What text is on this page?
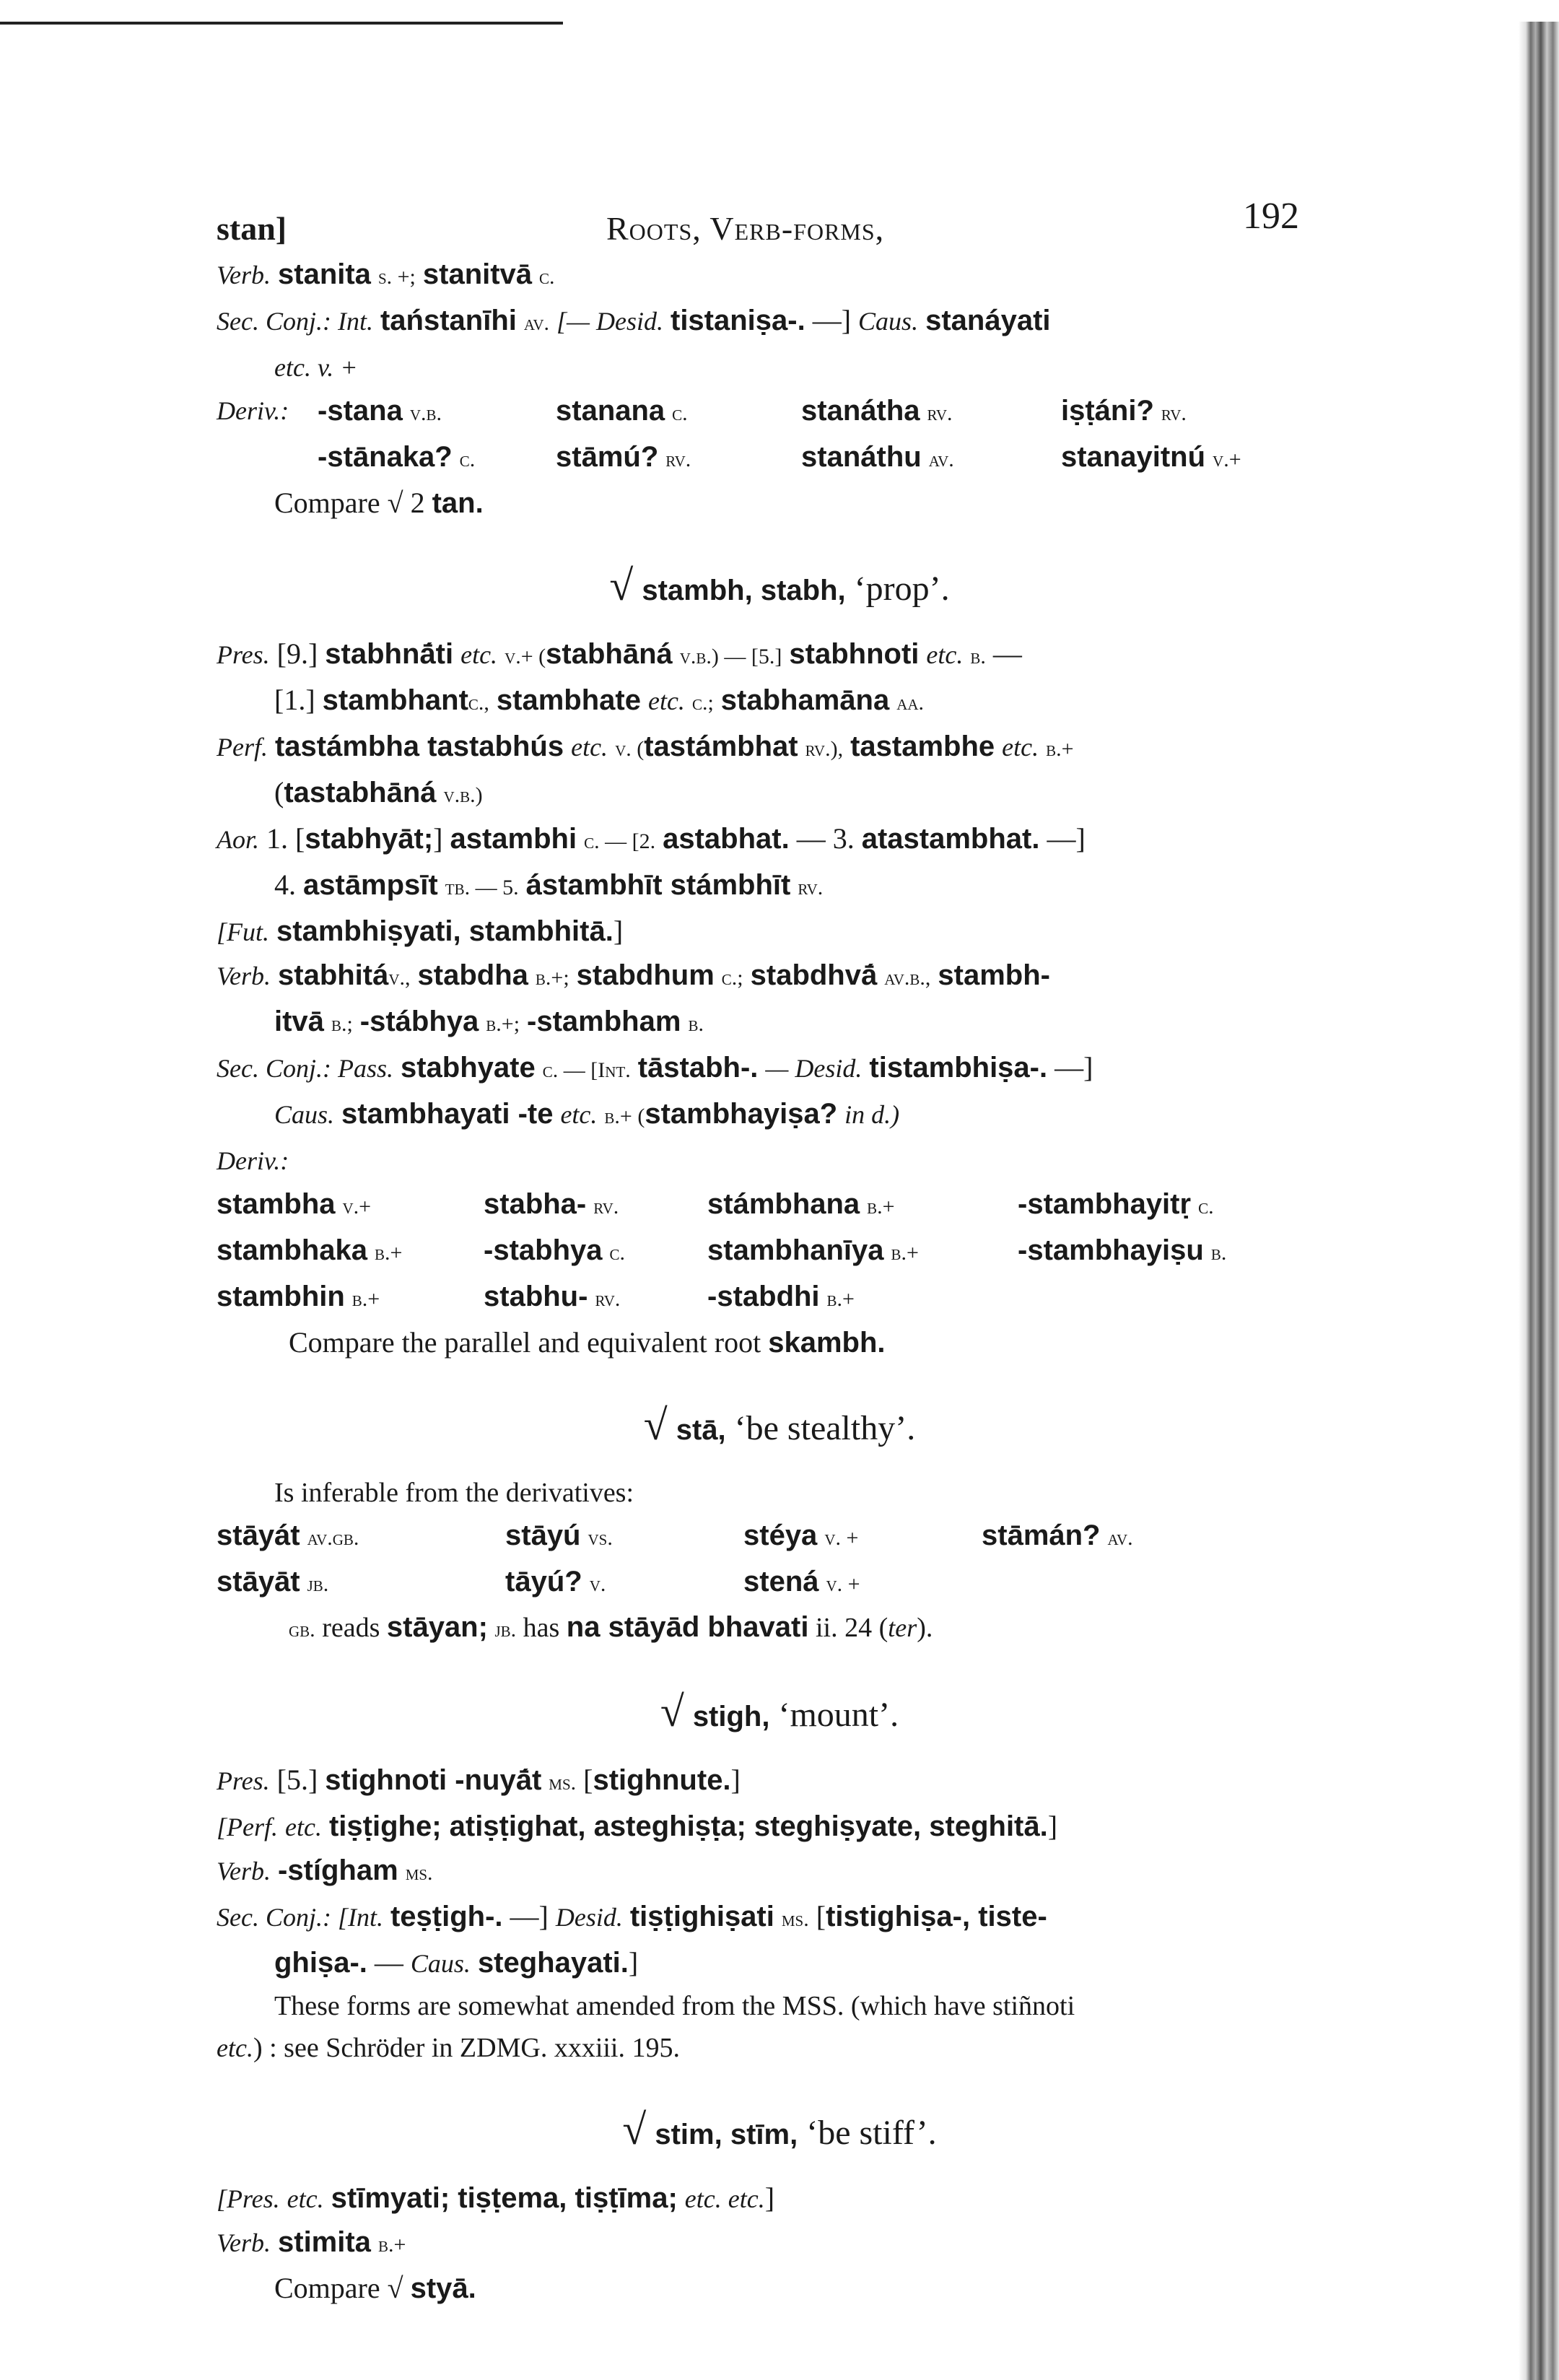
stan]	Roots, Verb-forms,	192
Verb. stanita s. +; stanitvā c.
Sec. Conj.: Int. taństanīhi av. [— Desid. tistaniṣa-. —] Caus. stanáyati
etc. v. +
Deriv.: -stana v.b.	stanana c.	stanátha rv.	iṣṭáni? rv.
-stānaka? c.	stāmú? rv.	stanáthu av.	stanayitnú v.+
Compare √ 2 tan.
√ stambh, stabh, ‘prop’.
Pres. [9.] stabhnā́ti etc. v.+ (stabhāná v.b.) — [5.] stabhnoti etc. b. —
[1.] stambhantc., stambhate etc. c.; stabhamāna aa.
Perf. tastámbha tastabhús etc. v. (tastámbhat rv.), tastambhe etc. b.+
(tastabhāná v.b.)
Aor. 1. [stabhyāt;] astambhi c. — [2. astabhat. — 3. atastambhat. —]
4. astāmpsīt tb. — 5. ástambhīt stámbhīt rv.
[Fut. stambhiṣyati, stambhitā.]
Verb. stabhitáv., stabdha b.+; stabdhum c.; stabdhvā́ av.b., stambh-
itvā b.; -stábhya b.+; -stambham b.
Sec. Conj.: Pass. stabhyate c. — [Int. tāstabh-. — Desid. tistambhiṣa-. —]
Caus. stambhayati -te etc. b.+ (stambhayiṣa? in d.)
Deriv.:
stambha v.+	stabha- rv.	stámbhana b.+	-stambhayitṛ c.
stambhaka b.+	-stabhya c.	stambhanīya b.+	-stambhayiṣu b.
stambhin b.+	stabhu- rv.	-stabdhi b.+
Compare the parallel and equivalent root skambh.
√ stā, ‘be stealthy’.
Is inferable from the derivatives:
stāyát av.gb.	stāyú vs.	stéya v. +	stāmán? av.
stāyāt jb.	tāyú? v.	stená v. +
gb. reads stāyan; jb. has na stāyād bhavati ii. 24 (ter).
√ stigh, ‘mount’.
Pres. [5.] stighnoti -nuyā́t ms. [stighnute.]
[Perf. etc. tiṣṭighe; atiṣṭighat, asteghiṣṭa; steghiṣyate, steghitā.]
Verb. -stígham ms.
Sec. Conj.: [Int. teṣṭigh-. —] Desid. tiṣṭighiṣati ms. [tistighiṣa-, tiste-
ghiṣa-. — Caus. steghayati.]
These forms are somewhat amended from the MSS. (which have stiñnoti
etc.) : see Schröder in ZDMG. xxxiii. 195.
√ stim, stīm, ‘be stiff’.
[Pres. etc. stīmyati; tiṣṭema, tiṣṭīma; etc. etc.]
Verb. stimita b.+
Compare √ styā.
